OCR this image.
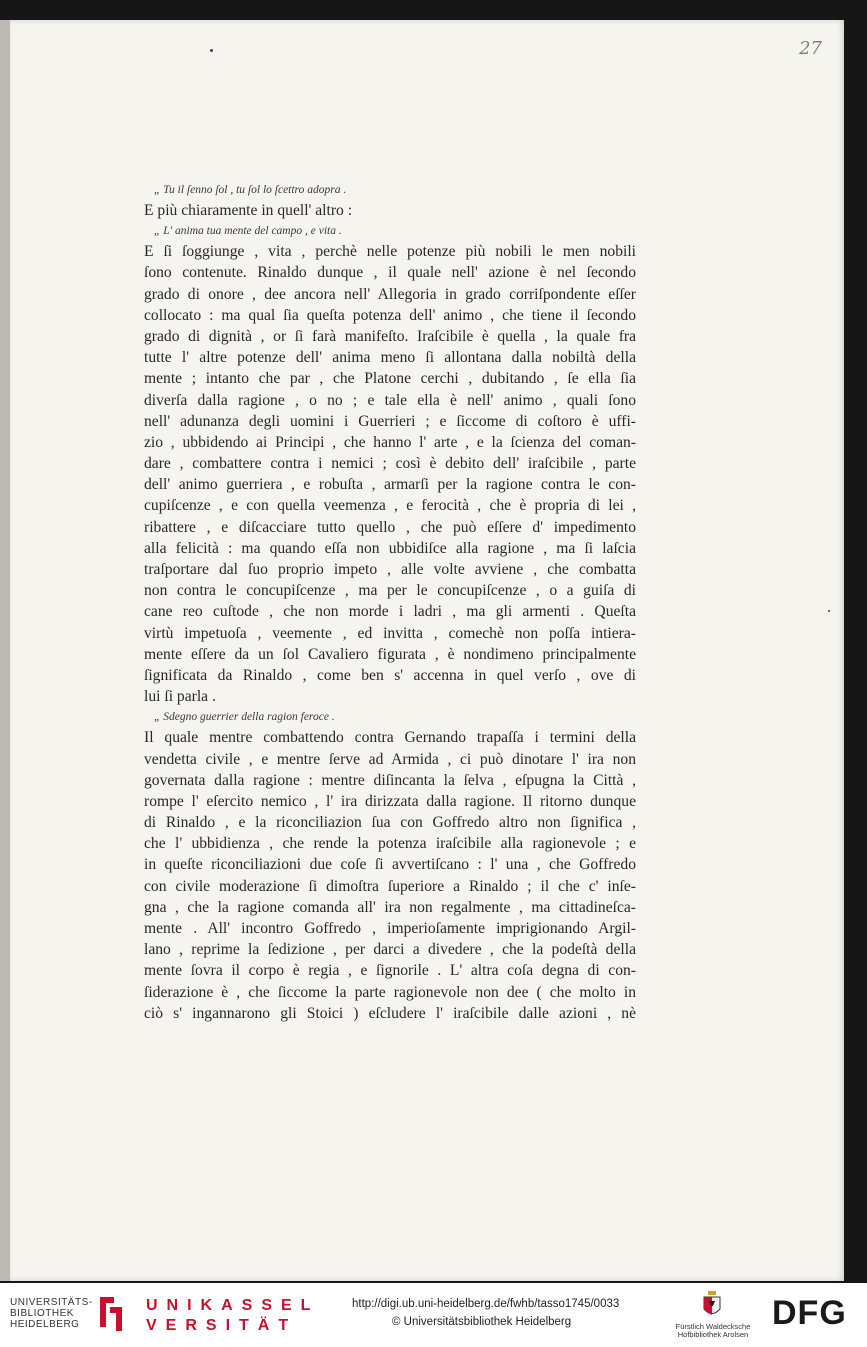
27
„ Tu il ſenno ſol , tu ſol lo ſcettro adopra .
E più chiaramente in quell' altro :
„ L' anima tua mente del campo , e vita .
E ſi ſoggiunge , vita , perchè nelle potenze più nobili le men nobili
ſono contenute. Rinaldo dunque , il quale nell' azione è nel ſecondo
grado di onore , dee ancora nell' Allegoria in grado corriſpondente eſſer
collocato : ma qual ſia queſta potenza dell' animo , che tiene il ſecondo
grado di dignità , or ſi farà manifeſto. Iraſcibile è quella , la quale fra
tutte l' altre potenze dell' anima meno ſi allontana dalla nobiltà della
mente ; intanto che par , che Platone cerchi , dubitando , ſe ella ſia
diverſa dalla ragione , o no ; e tale ella è nell' animo , quali ſono
nell' adunanza degli uomini i Guerrieri ; e ſiccome di coſtoro è uffi-
zio , ubbidendo ai Principi , che hanno l' arte , e la ſcienza del coman-
dare , combattere contra i nemici ; così è debito dell' iraſcibile , parte
dell' animo guerriera , e robuſta , armarſi per la ragione contra le con-
cupiſcenze , e con quella veemenza , e ferocità , che è propria di lei ,
ribattere , e diſcacciare tutto quello , che può eſſere d' impedimento
alla felicità : ma quando eſſa non ubbidiſce alla ragione , ma ſi laſcia
traſportare dal ſuo proprio impeto , alle volte avviene , che combatta
non contra le concupiſcenze , ma per le concupiſcenze , o a guiſa di
cane reo cuſtode , che non morde i ladri , ma gli armenti . Queſta
virtù impetuoſa , veemente , ed invitta , comechè non poſſa intiera-
mente eſſere da un ſol Cavaliero figurata , è nondimeno principalmente
ſignificata da Rinaldo , come ben s' accenna in quel verſo , ove di
lui ſi parla .
„ Sdegno guerrier della ragion feroce .
Il quale mentre combattendo contra Gernando trapaſſa i termini della
vendetta civile , e mentre ſerve ad Armida , ci può dinotare l' ira non
governata dalla ragione : mentre diſincanta la ſelva , eſpugna la Città ,
rompe l' eſercito nemico , l' ira dirizzata dalla ragione. Il ritorno dunque
di Rinaldo , e la riconciliazion ſua con Goffredo altro non ſignifica ,
che l' ubbidienza , che rende la potenza iraſcibile alla ragionevole ; e
in queſte riconciliazioni due coſe ſi avvertiſcano : l' una , che Goffredo
con civile moderazione ſi dimoſtra ſuperiore a Rinaldo ; il che c' inſe-
gna , che la ragione comanda all' ira non regalmente , ma cittadineſca-
mente . All' incontro Goffredo , imperioſamente imprigionando Argil-
lano , reprime la ſedizione , per darci a divedere , che la podeſtà della
mente ſovra il corpo è regia , e ſignorile . L' altra coſa degna di con-
ſiderazione è , che ſiccome la parte ragionevole non dee ( che molto in
ciò s' ingannarono gli Stoici ) eſcludere l' iraſcibile dalle azioni , nè
UNIVERSITÄTS-
BIBLIOTHEK
HEIDELBERG
UNIKASSEL
VERSITÄT
http://digi.ub.uni-heidelberg.de/fwhb/tasso1745/0033
© Universitätsbibliothek Heidelberg	Fürstlich Waldecksche
Hofbibliothek Arolsen
DFG
